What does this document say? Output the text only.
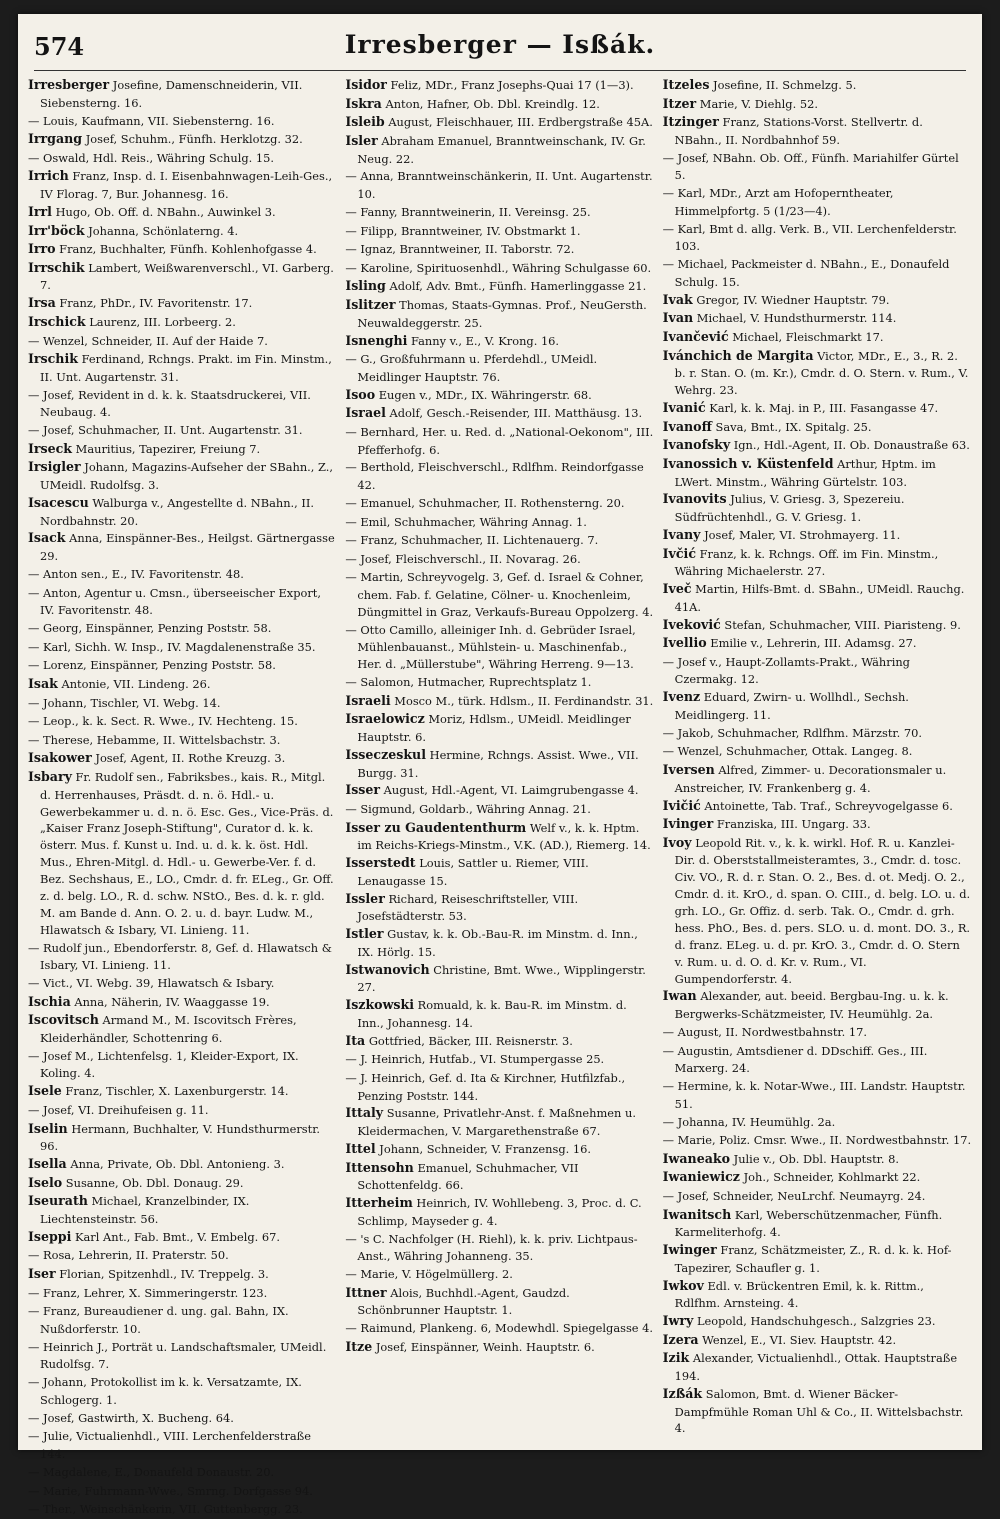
574	Irresberger — Isßák.

Irresberger Josefine, Damenschneiderin, VII. Siebensterng. 16.

— Louis, Kaufmann, VII. Siebensterng. 16.

Irrgang Josef, Schuhm., Fünfh. Herklotzg. 32.

— Oswald, Hdl. Reis., Währing Schulg. 15.

Irrich Franz, Insp. d. I. Eisenbahnwagen-Leih-Ges., IV Florag. 7, Bur. Johannesg. 16.

Irrl Hugo, Ob. Off. d. NBahn., Auwinkel 3.

Irr'böck Johanna, Schönlaterng. 4.

Irro Franz, Buchhalter, Fünfh. Kohlenhofgasse 4.

Irrschik Lambert, Weißwarenverschl., VI. Garberg. 7.

Irsa Franz, PhDr., IV. Favoritenstr. 17.

Irschick Laurenz, III. Lorbeerg. 2.

— Wenzel, Schneider, II. Auf der Haide 7.

Irschik Ferdinand, Rchngs. Prakt. im Fin. Minstm., II. Unt. Augartenstr. 31.

— Josef, Revident in d. k. k. Staatsdruckerei, VII. Neubaug. 4.

— Josef, Schuhmacher, II. Unt. Augartenstr. 31.

Irseck Mauritius, Tapezirer, Freiung 7.

Irsigler Johann, Magazins-Aufseher der SBahn., Z., UMeidl. Rudolfsg. 3.

Isacescu Walburga v., Angestellte d. NBahn., II. Nordbahnstr. 20.

Isack Anna, Einspänner-Bes., Heilgst. Gärtnergasse 29.

— Anton sen., E., IV. Favoritenstr. 48.

— Anton, Agentur u. Cmsn., überseeischer Export, IV. Favoritenstr. 48.

— Georg, Einspänner, Penzing Poststr. 58.

— Karl, Sichh. W. Insp., IV. Magdalenenstraße 35.

— Lorenz, Einspänner, Penzing Poststr. 58.

Isak Antonie, VII. Lindeng. 26.

— Johann, Tischler, VI. Webg. 14.

— Leop., k. k. Sect. R. Wwe., IV. Hechteng. 15.

— Therese, Hebamme, II. Wittelsbachstr. 3.

Isakower Josef, Agent, II. Rothe Kreuzg. 3.

Isbary Fr. Rudolf sen., Fabriksbes., kais. R., Mitgl. d. Herrenhauses, Präsdt. d. n. ö. Hdl.- u. Gewerbekammer u. d. n. ö. Esc. Ges., Vice-Präs. d. „Kaiser Franz Joseph-Stiftung", Curator d. k. k. österr. Mus. f. Kunst u. Ind. u. d. k. k. öst. Hdl. Mus., Ehren-Mitgl. d. Hdl.- u. Gewerbe-Ver. f. d. Bez. Sechshaus, E., LO., Cmdr. d. fr. ELeg., Gr. Off. z. d. belg. LO., R. d. schw. NStO., Bes. d. k. r. gld. M. am Bande d. Ann. O. 2. u. d. bayr. Ludw. M., Hlawatsch & Isbary, VI. Linieng. 11.

— Rudolf jun., Ebendorferstr. 8, Gef. d. Hlawatsch & Isbary, VI. Linieng. 11.

— Vict., VI. Webg. 39, Hlawatsch & Isbary.

Ischia Anna, Näherin, IV. Waaggasse 19.

Iscovitsch Armand M., M. Iscovitsch Frères, Kleiderhändler, Schottenring 6.

— Josef M., Lichtenfelsg. 1, Kleider-Export, IX. Koling. 4.

Isele Franz, Tischler, X. Laxenburgerstr. 14.

— Josef, VI. Dreihufeisen g. 11.

Iselin Hermann, Buchhalter, V. Hundsthurmerstr. 96.

Isella Anna, Private, Ob. Dbl. Antonieng. 3.

Iselo Susanne, Ob. Dbl. Donaug. 29.

Iseurath Michael, Kranzelbinder, IX. Liechtensteinstr. 56.

Iseppi Karl Ant., Fab. Bmt., V. Embelg. 67.

— Rosa, Lehrerin, II. Praterstr. 50.

Iser Florian, Spitzenhdl., IV. Treppelg. 3.

— Franz, Lehrer, X. Simmeringerstr. 123.

— Franz, Bureaudiener d. ung. gal. Bahn, IX. Nußdorferstr. 10.

— Heinrich J., Porträt u. Landschaftsmaler, UMeidl. Rudolfsg. 7.

— Johann, Protokollist im k. k. Versatzamte, IX. Schlogerg. 1.

— Josef, Gastwirth, X. Bucheng. 64.

— Julie, Victualienhdl., VIII. Lerchenfelderstraße 144.

— Magdalene, E., Donaufeld Donaustr. 20.

— Marie, Fuhrmann-Wwe., Smrng. Dorfgasse 94.

— Ther., Weinschänkerin, VII. Guttenbergg. 23.

Isidor Feliz, MDr., Franz Josephs-Quai 17 (1—3).

Iskra Anton, Hafner, Ob. Dbl. Kreindlg. 12.

Isleib August, Fleischhauer, III. Erdbergstraße 45A.

Isler Abraham Emanuel, Branntweinschank, IV. Gr. Neug. 22.

— Anna, Branntweinschänkerin, II. Unt. Augartenstr. 10.

— Fanny, Branntweinerin, II. Vereinsg. 25.

— Filipp, Branntweiner, IV. Obstmarkt 1.

— Ignaz, Branntweiner, II. Taborstr. 72.

— Karoline, Spirituosenhdl., Währing Schulgasse 60.

Isling Adolf, Adv. Bmt., Fünfh. Hamerlinggasse 21.

Islitzer Thomas, Staats-Gymnas. Prof., NeuGersth. Neuwaldeggerstr. 25.

Isnenghi Fanny v., E., V. Krong. 16.

— G., Großfuhrmann u. Pferdehdl., UMeidl. Meidlinger Hauptstr. 76.

Isoo Eugen v., MDr., IX. Währingerstr. 68.

Israel Adolf, Gesch.-Reisender, III. Matthäusg. 13.

— Bernhard, Her. u. Red. d. „National-Oekonom", III. Pfefferhofg. 6.

— Berthold, Fleischverschl., Rdlfhm. Reindorfgasse 42.

— Emanuel, Schuhmacher, II. Rothensterng. 20.

— Emil, Schuhmacher, Währing Annag. 1.

— Franz, Schuhmacher, II. Lichtenauerg. 7.

— Josef, Fleischverschl., II. Novarag. 26.

— Martin, Schreyvogelg. 3, Gef. d. Israel & Cohner, chem. Fab. f. Gelatine, Cölner- u. Knochenleim, Düngmittel in Graz, Verkaufs-Bureau Oppolzerg. 4.

— Otto Camillo, alleiniger Inh. d. Gebrüder Israel, Mühlenbauanst., Mühlstein- u. Maschinenfab., Her. d. „Müllerstube", Währing Herreng. 9—13.

— Salomon, Hutmacher, Ruprechtsplatz 1.

Israeli Mosco M., türk. Hdlsm., II. Ferdinandstr. 31.

Israelowicz Moriz, Hdlsm., UMeidl. Meidlinger Hauptstr. 6.

Isseczeskul Hermine, Rchngs. Assist. Wwe., VII. Burgg. 31.

Isser August, Hdl.-Agent, VI. Laimgrubengasse 4.

— Sigmund, Goldarb., Währing Annag. 21.

Isser zu Gaudententhurm Welf v., k. k. Hptm. im Reichs-Kriegs-Minstm., V.K. (AD.), Riemerg. 14.

Isserstedt Louis, Sattler u. Riemer, VIII. Lenaugasse 15.

Issler Richard, Reiseschriftsteller, VIII. Josefstädterstr. 53.

Istler Gustav, k. k. Ob.-Bau-R. im Minstm. d. Inn., IX. Hörlg. 15.

Istwanovich Christine, Bmt. Wwe., Wipplingerstr. 27.

Iszkowski Romuald, k. k. Bau-R. im Minstm. d. Inn., Johannesg. 14.

Ita Gottfried, Bäcker, III. Reisnerstr. 3.

— J. Heinrich, Hutfab., VI. Stumpergasse 25.

— J. Heinrich, Gef. d. Ita & Kirchner, Hutfilzfab., Penzing Poststr. 144.

Ittaly Susanne, Privatlehr-Anst. f. Maßnehmen u. Kleidermachen, V. Margarethenstraße 67.

Ittel Johann, Schneider, V. Franzensg. 16.

Ittensohn Emanuel, Schuhmacher, VII Schottenfeldg. 66.

Itterheim Heinrich, IV. Wohllebeng. 3, Proc. d. C. Schlimp, Mayseder g. 4.

— 's C. Nachfolger (H. Riehl), k. k. priv. Lichtpaus-Anst., Währing Johanneng. 35.

— Marie, V. Högelmüllerg. 2.

Ittner Alois, Buchhdl.-Agent, Gaudzd. Schönbrunner Hauptstr. 1.

— Raimund, Plankeng. 6, Modewhdl. Spiegelgasse 4.

Itze Josef, Einspänner, Weinh. Hauptstr. 6.

Itzeles Josefine, II. Schmelzg. 5.

Itzer Marie, V. Diehlg. 52.

Itzinger Franz, Stations-Vorst. Stellvertr. d. NBahn., II. Nordbahnhof 59.

— Josef, NBahn. Ob. Off., Fünfh. Mariahilfer Gürtel 5.

— Karl, MDr., Arzt am Hofoperntheater, Himmelpfortg. 5 (1/23—4).

— Karl, Bmt d. allg. Verk. B., VII. Lerchenfelderstr. 103.

— Michael, Packmeister d. NBahn., E., Donaufeld Schulg. 15.

Ivak Gregor, IV. Wiedner Hauptstr. 79.

Ivan Michael, V. Hundsthurmerstr. 114.

Ivančević Michael, Fleischmarkt 17.

Ivánchich de Margita Victor, MDr., E., 3., R. 2. b. r. Stan. O. (m. Kr.), Cmdr. d. O. Stern. v. Rum., V. Wehrg. 23.

Ivanić Karl, k. k. Maj. in P., III. Fasangasse 47.

Ivanoff Sava, Bmt., IX. Spitalg. 25.

Ivanofsky Ign., Hdl.-Agent, II. Ob. Donaustraße 63.

Ivanossich v. Küstenfeld Arthur, Hptm. im LWert. Minstm., Währing Gürtelstr. 103.

Ivanovits Julius, V. Griesg. 3, Spezereiu. Südfrüchtenhdl., G. V. Griesg. 1.

Ivany Josef, Maler, VI. Strohmayerg. 11.

Ivčić Franz, k. k. Rchngs. Off. im Fin. Minstm., Währing Michaelerstr. 27.

Iveč Martin, Hilfs-Bmt. d. SBahn., UMeidl. Rauchg. 41A.

Iveković Stefan, Schuhmacher, VIII. Piaristeng. 9.

Ivellio Emilie v., Lehrerin, III. Adamsg. 27.

— Josef v., Haupt-Zollamts-Prakt., Währing Czermakg. 12.

Ivenz Eduard, Zwirn- u. Wollhdl., Sechsh. Meidlingerg. 11.

— Jakob, Schuhmacher, Rdlfhm. Märzstr. 70.

— Wenzel, Schuhmacher, Ottak. Langeg. 8.

Iversen Alfred, Zimmer- u. Decorationsmaler u. Anstreicher, IV. Frankenberg g. 4.

Ivičić Antoinette, Tab. Traf., Schreyvogelgasse 6.

Ivinger Franziska, III. Ungarg. 33.

Ivoy Leopold Rit. v., k. k. wirkl. Hof. R. u. Kanzlei-Dir. d. Oberststallmeisteramtes, 3., Cmdr. d. tosc. Civ. VO., R. d. r. Stan. O. 2., Bes. d. ot. Medj. O. 2., Cmdr. d. it. KrO., d. span. O. CIII., d. belg. LO. u. d. grh. LO., Gr. Offiz. d. serb. Tak. O., Cmdr. d. grh. hess. PhO., Bes. d. pers. SLO. u. d. mont. DO. 3., R. d. franz. ELeg. u. d. pr. KrO. 3., Cmdr. d. O. Stern v. Rum. u. d. O. d. Kr. v. Rum., VI. Gumpendorferstr. 4.

Iwan Alexander, aut. beeid. Bergbau-Ing. u. k. k. Bergwerks-Schätzmeister, IV. Heumühlg. 2a.

— August, II. Nordwestbahnstr. 17.

— Augustin, Amtsdiener d. DDschiff. Ges., III. Marxerg. 24.

— Hermine, k. k. Notar-Wwe., III. Landstr. Hauptstr. 51.

— Johanna, IV. Heumühlg. 2a.

— Marie, Poliz. Cmsr. Wwe., II. Nordwestbahnstr. 17.

Iwaneako Julie v., Ob. Dbl. Hauptstr. 8.

Iwaniewicz Joh., Schneider, Kohlmarkt 22.

— Josef, Schneider, NeuLrchf. Neumayrg. 24.

Iwanitsch Karl, Weberschützenmacher, Fünfh. Karmeliterhofg. 4.

Iwinger Franz, Schätzmeister, Z., R. d. k. k. Hof-Tapezirer, Schaufler g. 1.

Iwkov Edl. v. Brückentren Emil, k. k. Rittm., Rdlfhm. Arnsteing. 4.

Iwry Leopold, Handschuhgesch., Salzgries 23.

Izera Wenzel, E., VI. Siev. Hauptstr. 42.

Izik Alexander, Victualienhdl., Ottak. Hauptstraße 194.

Izßák Salomon, Bmt. d. Wiener Bäcker-Dampfmühle Roman Uhl & Co., II. Wittelsbachstr. 4.
